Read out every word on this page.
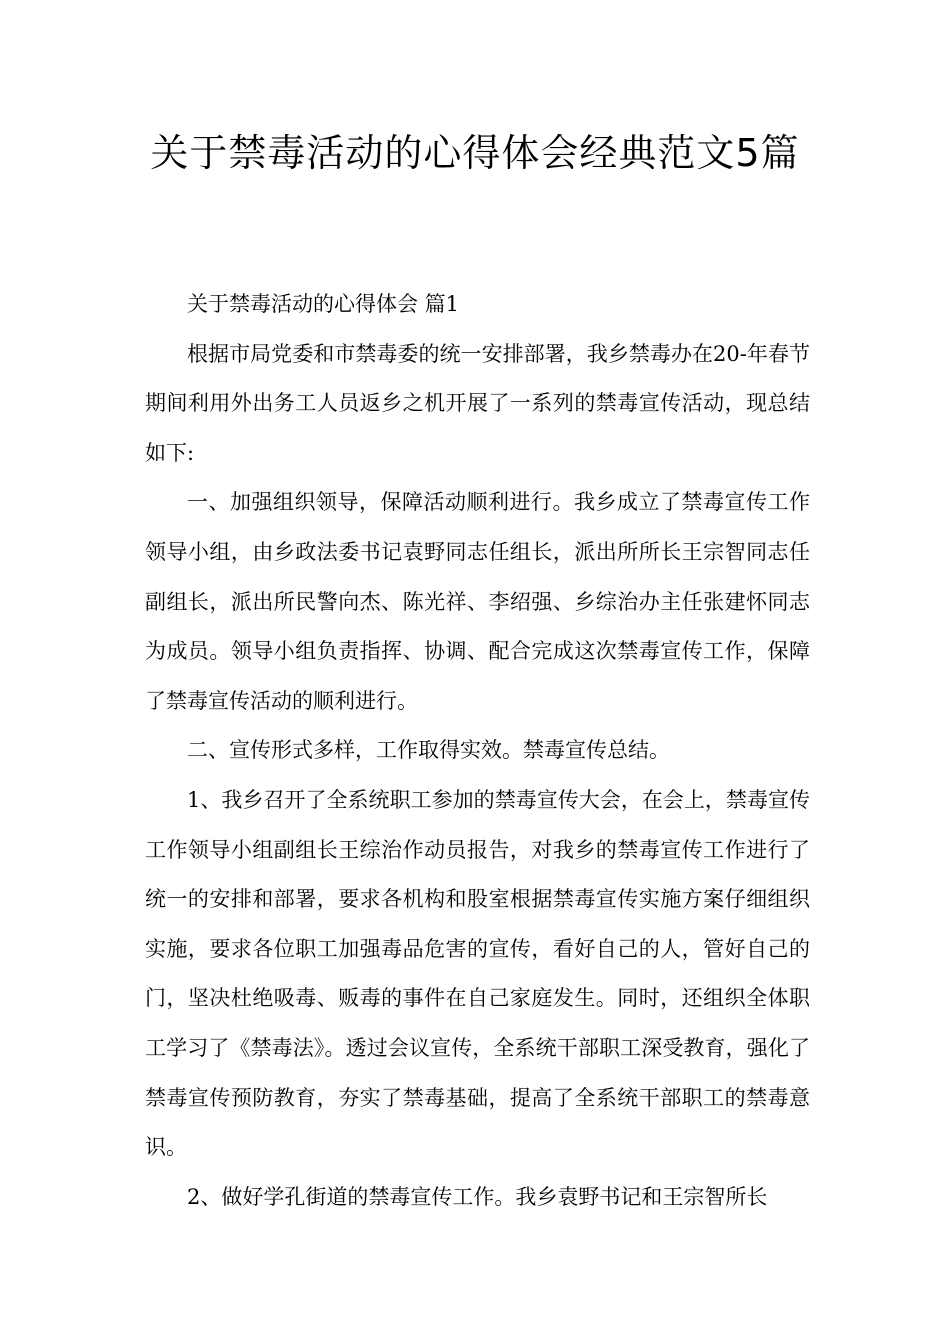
关于禁毒活动的心得体会经典范文5篇

关于禁毒活动的心得体会 篇1

根据市局党委和市禁毒委的统一安排部署，我乡禁毒办在20-年春节期间利用外出务工人员返乡之机开展了一系列的禁毒宣传活动，现总结如下:

一、加强组织领导，保障活动顺利进行。我乡成立了禁毒宣传工作领导小组，由乡政法委书记袁野同志任组长，派出所所长王宗智同志任副组长，派出所民警向杰、陈光祥、李绍强、乡综治办主任张建怀同志为成员。领导小组负责指挥、协调、配合完成这次禁毒宣传工作，保障了禁毒宣传活动的顺利进行。

二、宣传形式多样，工作取得实效。禁毒宣传总结。

1、我乡召开了全系统职工参加的禁毒宣传大会，在会上，禁毒宣传工作领导小组副组长王综治作动员报告，对我乡的禁毒宣传工作进行了统一的安排和部署，要求各机构和股室根据禁毒宣传实施方案仔细组织实施，要求各位职工加强毒品危害的宣传，看好自己的人，管好自己的门，坚决杜绝吸毒、贩毒的事件在自己家庭发生。同时，还组织全体职工学习了《禁毒法》。透过会议宣传，全系统干部职工深受教育，强化了禁毒宣传预防教育，夯实了禁毒基础，提高了全系统干部职工的禁毒意识。

2、做好学孔街道的禁毒宣传工作。我乡袁野书记和王宗智所长
